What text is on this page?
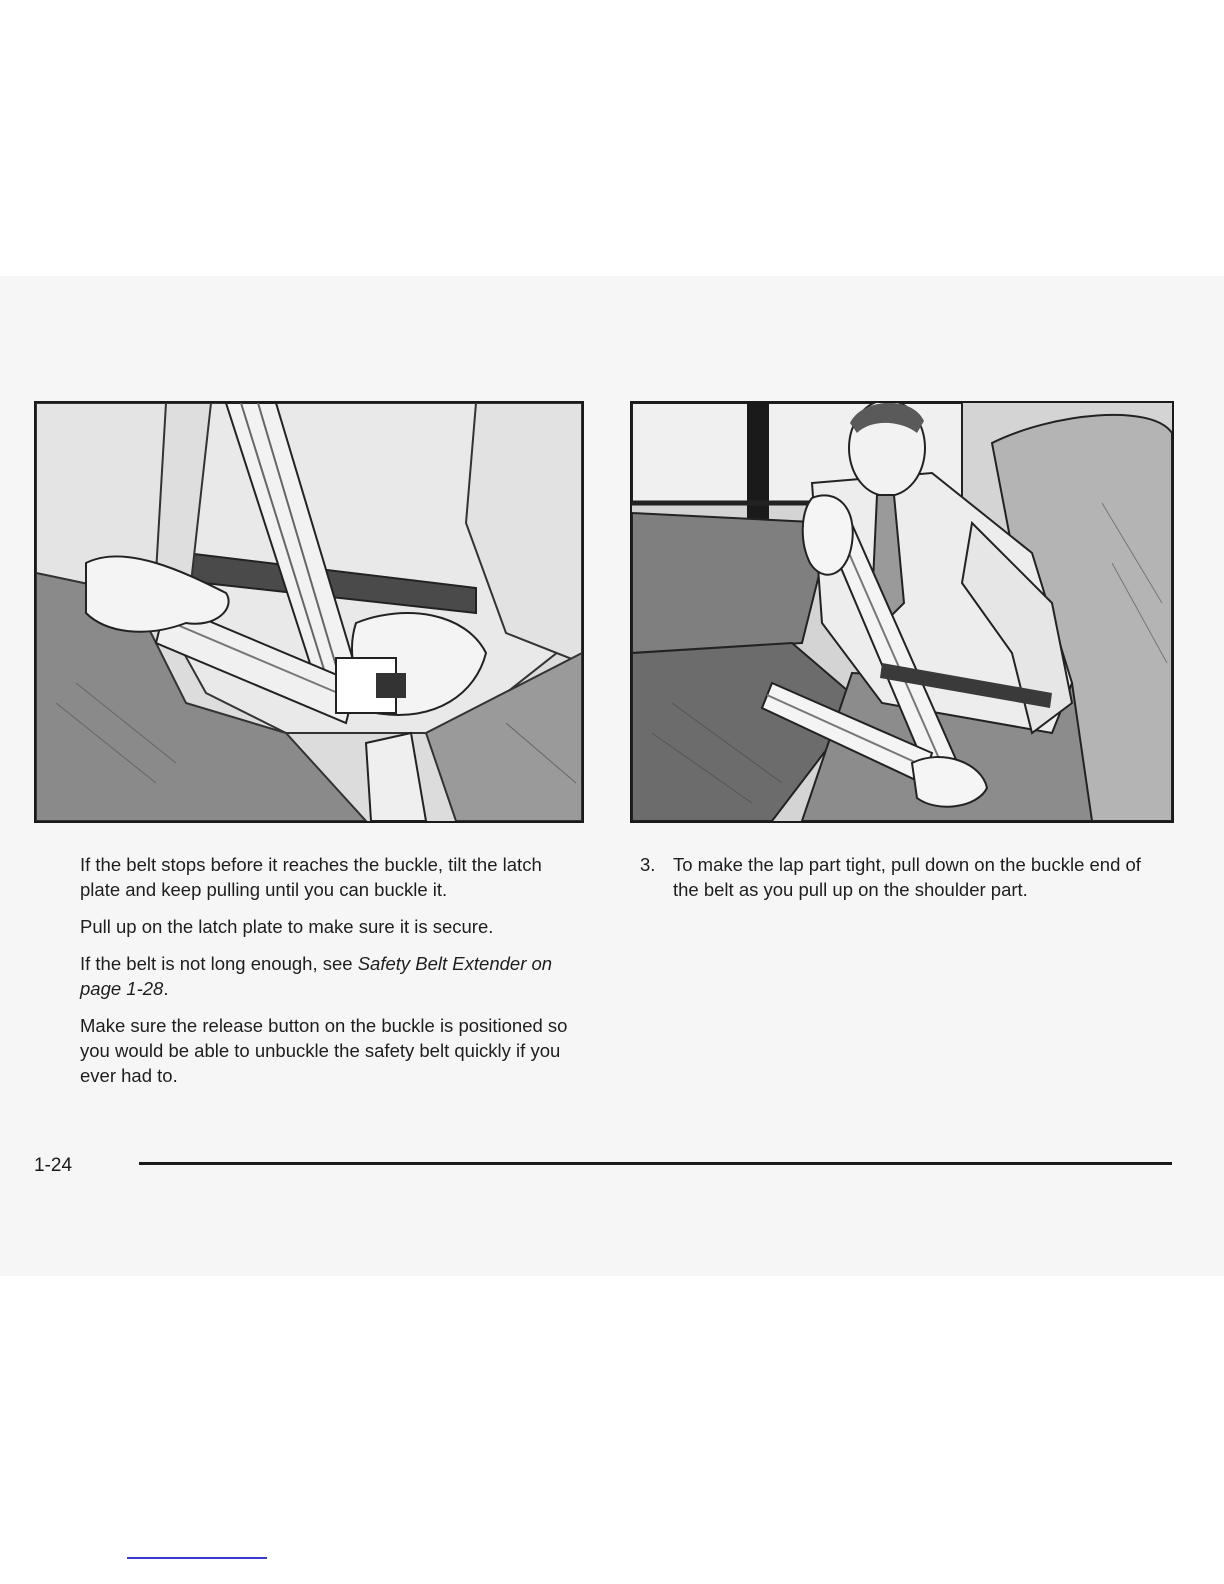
If the belt stops before it reaches the buckle, tilt the latch plate and keep pulling until you can buckle it.

Pull up on the latch plate to make sure it is secure.

If the belt is not long enough, see Safety Belt Extender on page 1-28.

Make sure the release button on the buckle is positioned so you would be able to unbuckle the safety belt quickly if you ever had to.

3. To make the lap part tight, pull down on the buckle end of the belt as you pull up on the shoulder part.
1-24
